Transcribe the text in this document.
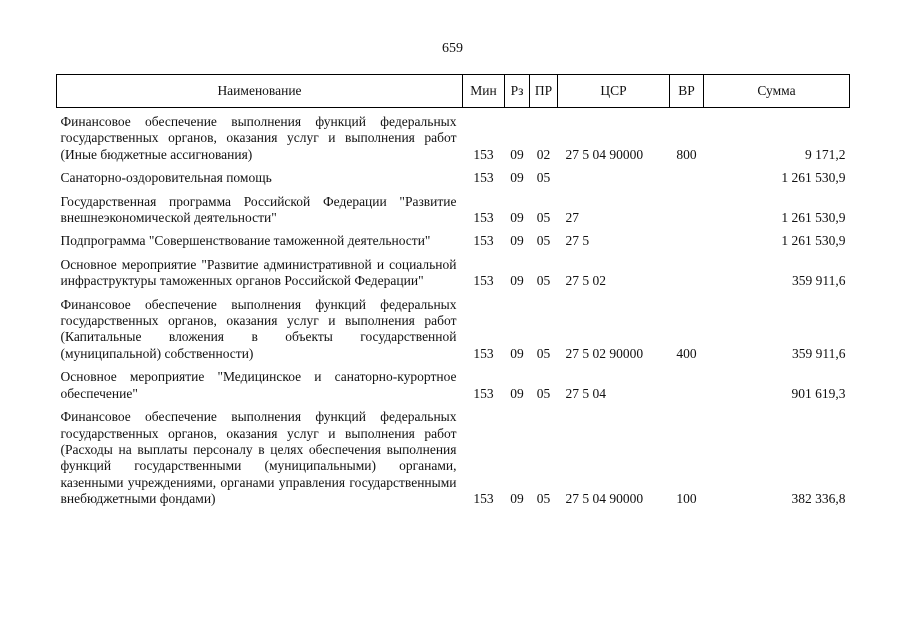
659
Наименование	Мин	Рз	ПР	ЦСР	ВР	Сумма

Финансовое обеспечение выполнения функций федеральных государственных органов, оказания услуг и выполнения работ (Иные бюджетные ассигнования)	153	09	02	27 5 04 90000	800	9 171,2

Санаторно-оздоровительная помощь	153	09	05			1 261 530,9

Государственная программа Российской Федерации "Развитие внешнеэкономической деятельности"	153	09	05	27		1 261 530,9

Подпрограмма "Совершенствование таможенной деятельности"	153	09	05	27 5		1 261 530,9

Основное мероприятие "Развитие административной и социальной инфраструктуры таможенных органов Российской Федерации"	153	09	05	27 5 02		359 911,6

Финансовое обеспечение выполнения функций федеральных государственных органов, оказания услуг и выполнения работ (Капитальные вложения в объекты государственной (муниципальной) собственности)	153	09	05	27 5 02 90000	400	359 911,6

Основное мероприятие "Медицинское и санаторно-курортное обеспечение"	153	09	05	27 5 04		901 619,3

Финансовое обеспечение выполнения функций федеральных государственных органов, оказания услуг и выполнения работ (Расходы на выплаты персоналу в целях обеспечения выполнения функций государственными (муниципальными) органами, казенными учреждениями, органами управления государственными внебюджетными фондами)	153	09	05	27 5 04 90000	100	382 336,8
